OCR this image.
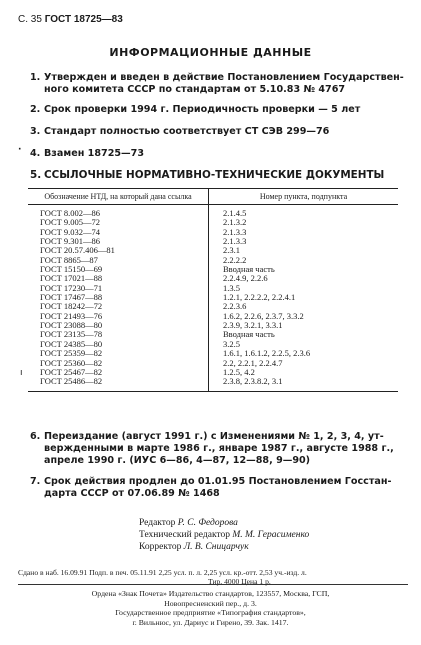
С. 35 ГОСТ 18725—83
ИНФОРМАЦИОННЫЕ ДАННЫЕ
1. Утвержден и введен в действие Постановлением Государствен-
ного комитета СССР по стандартам от 5.10.83 № 4767
2. Срок проверки 1994 г. Периодичность проверки — 5 лет
3. Стандарт полностью соответствует СТ СЭВ 299—76
· 4. Взамен 18725—73
5. ССЫЛОЧНЫЕ НОРМАТИВНО-ТЕХНИЧЕСКИЕ ДОКУМЕНТЫ
Обозначение НТД, на который дана ссылка	Номер пункта, подпункта
ГОСТ 8.002—86	2.1.4.5
ГОСТ 9.005—72	2.1.3.2
ГОСТ 9.032—74	2.1.3.3
ГОСТ 9.301—86	2.1.3.3
ГОСТ 20.57.406—81	2.3.1
ГОСТ 8865—87	2.2.2.2
ГОСТ 15150—69	Вводная часть
ГОСТ 17021—88	2.2.4.9, 2.2.6
ГОСТ 17230—71	1.3.5
ГОСТ 17467—88	1.2.1, 2.2.2.2, 2.2.4.1
ГОСТ 18242—72	2.2.3.6
ГОСТ 21493—76	1.6.2, 2.2.6, 2.3.7, 3.3.2
ГОСТ 23088—80	2.3.9, 3.2.1, 3.3.1
ГОСТ 23135—78	Вводная часть
ГОСТ 24385—80	3.2.5
ГОСТ 25359—82	1.6.1, 1.6.1.2, 2.2.5, 2.3.6
ГОСТ 25360—82	2.2, 2.2.1, 2.2.4.7
ГОСТ 25467—82	1.2.5, 4.2
ГОСТ 25486—82	2.3.8, 2.3.8.2, 3.1
ı
6. Переиздание (август 1991 г.) с Изменениями № 1, 2, 3, 4, ут-
вержденными в марте 1986 г., январе 1987 г., августе 1988 г.,
апреле 1990 г. (ИУС 6—86, 4—87, 12—88, 9—90)
7. Срок действия продлен до 01.01.95 Постановлением Госстан-
дарта СССР от 07.06.89 № 1468
Редактор Р. С. Федорова
Технический редактор М. М. Герасименко
Корректор Л. В. Сницарчук
Сдано в наб. 16.09.91 Подп. в печ. 05.11.91 2,25 усл. п. л. 2,25 усл. кр.-отт. 2,53 уч.-изд. л.
Тир. 4000 Цена 1 р.
Ордена «Знак Почета» Издательство стандартов, 123557, Москва, ГСП,
Новопресненский пер., д. 3.
Государственное предприятие «Типография стандартов»,
г. Вильнюс, ул. Дариус и Гирено, 39. Зак. 1417.
